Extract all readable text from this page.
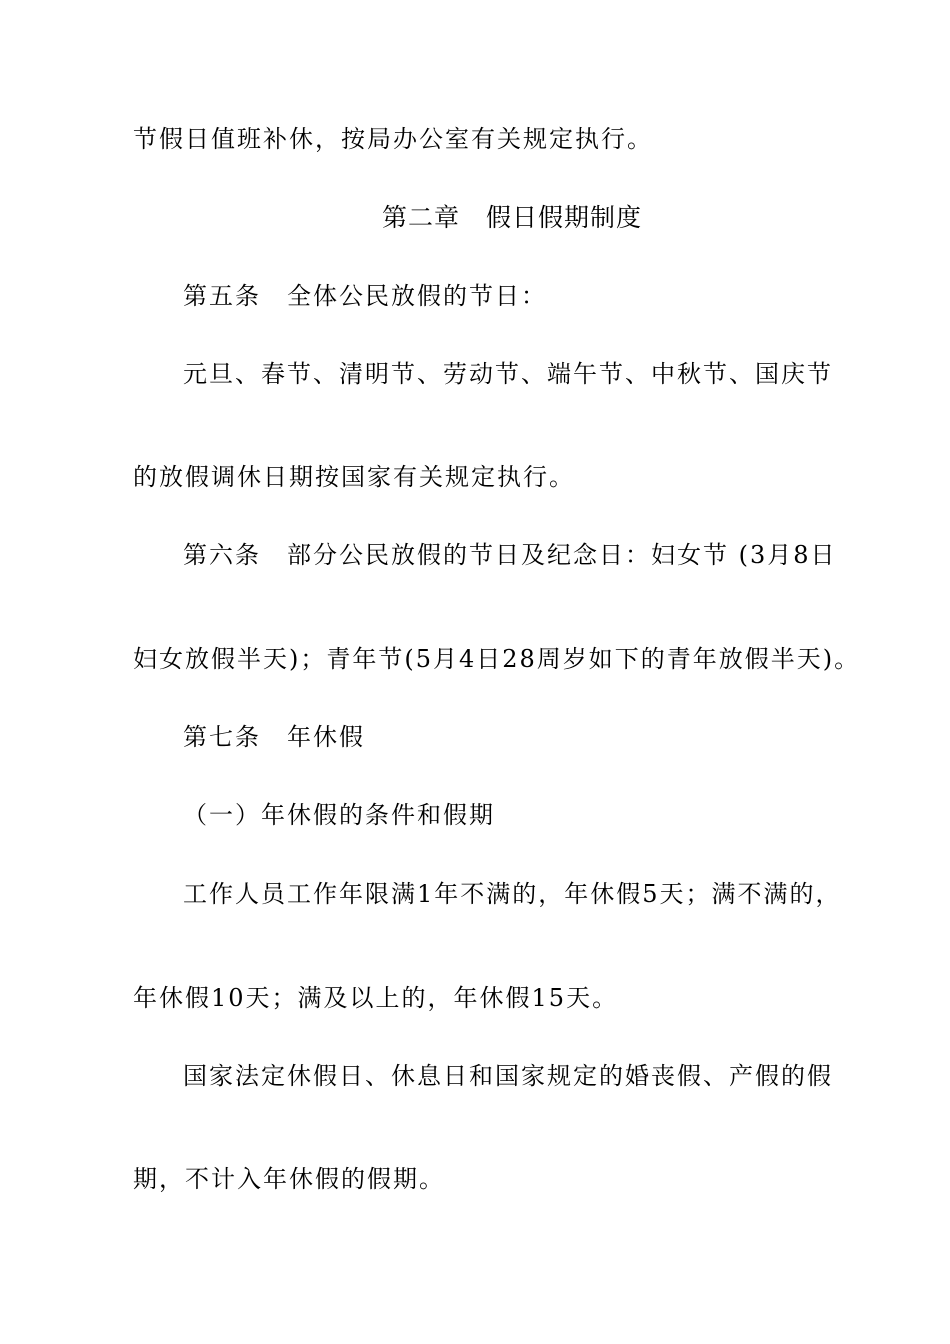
节假日值班补休，按局办公室有关规定执行。
第二章　假日假期制度
第五条　全体公民放假的节日：
元旦、春节、清明节、劳动节、端午节、中秋节、国庆节
的放假调休日期按国家有关规定执行。
第六条　部分公民放假的节日及纪念日：妇女节 (3月8日
妇女放假半天)；青年节(5月4日28周岁如下的青年放假半天)。
第七条　年休假
（一）年休假的条件和假期
工作人员工作年限满1年不满的，年休假5天；满不满的，
年休假10天；满及以上的，年休假15天。
国家法定休假日、休息日和国家规定的婚丧假、产假的假
期，不计入年休假的假期。
